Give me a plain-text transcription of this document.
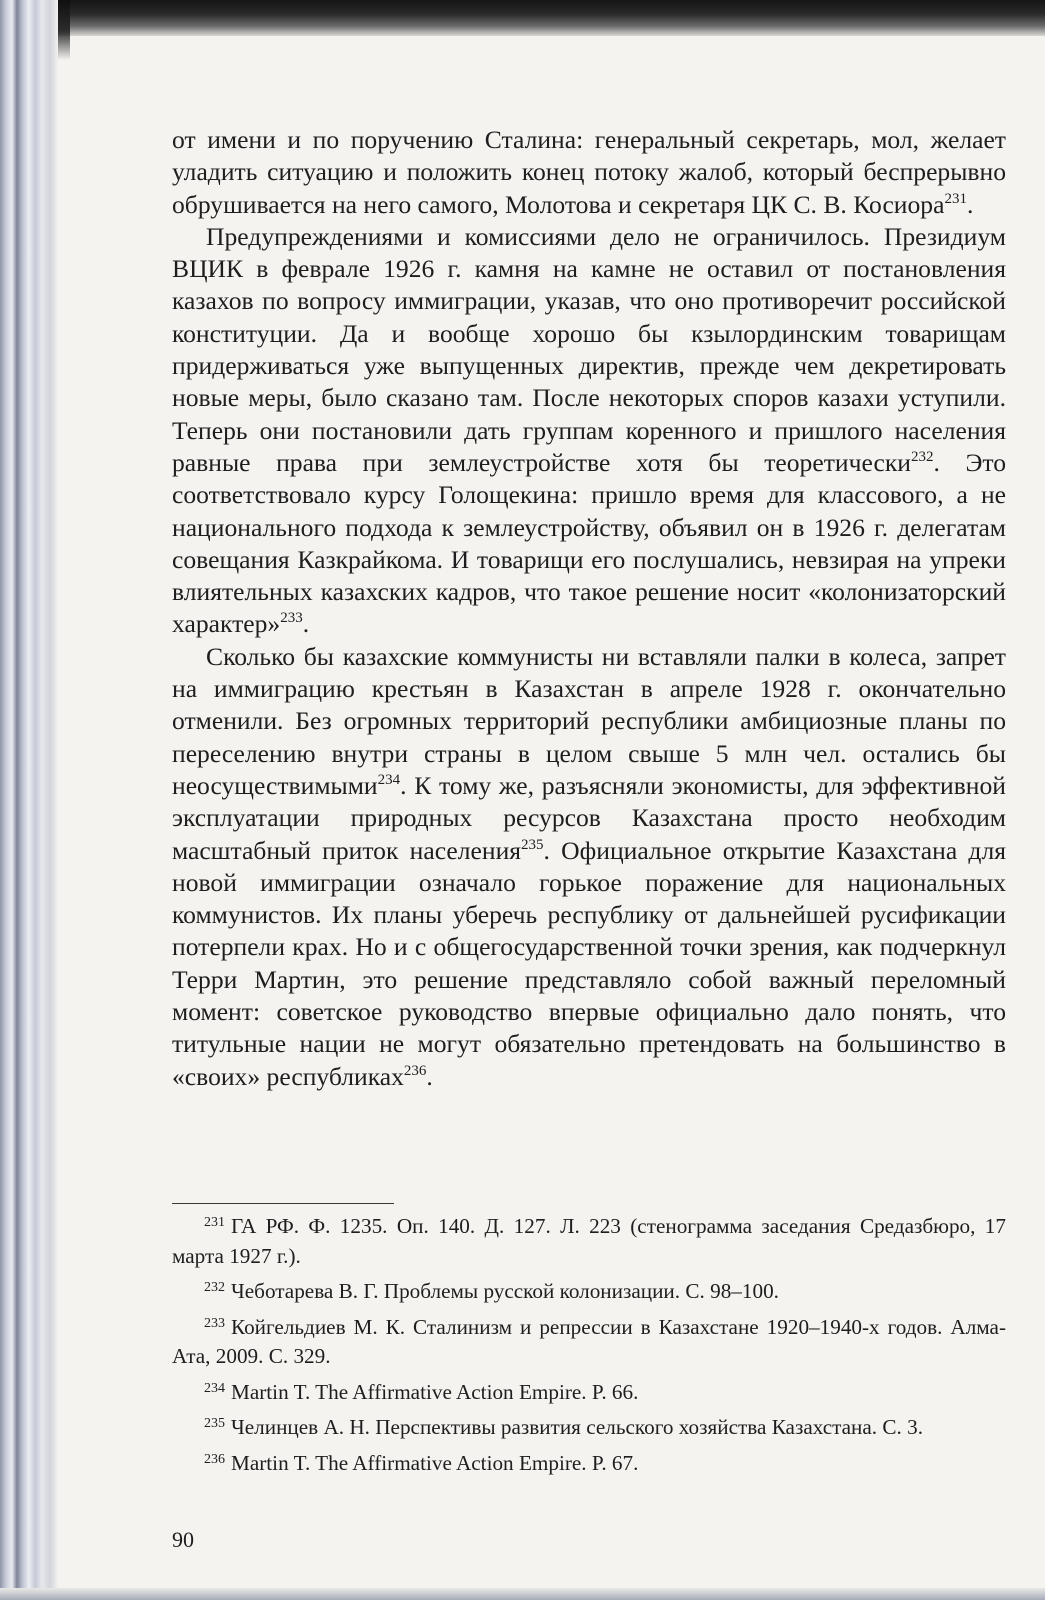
от имени и по поручению Сталина: генеральный секретарь, мол, желает уладить ситуацию и положить конец потоку жалоб, который беспрерывно обрушивается на него самого, Молотова и секретаря ЦК С. В. Косиора$^{231}$.

Предупреждениями и комиссиями дело не ограничилось. Президиум ВЦИК в феврале 1926 г. камня на камне не оставил от постановления казахов по вопросу иммиграции, указав, что оно противоречит российской конституции. Да и вообще хорошо бы кзылординским товарищам придерживаться уже выпущенных директив, прежде чем декретировать новые меры, было сказано там. После некоторых споров казахи уступили. Теперь они постановили дать группам коренного и пришлого населения равные права при землеустройстве хотя бы теоретически$^{232}$. Это соответствовало курсу Голощекина: пришло время для классового, а не национального подхода к землеустройству, объявил он в 1926 г. делегатам совещания Казкрайкома. И товарищи его послушались, невзирая на упреки влиятельных казахских кадров, что такое решение носит «колонизаторский характер»$^{233}$.

Сколько бы казахские коммунисты ни вставляли палки в колеса, запрет на иммиграцию крестьян в Казахстан в апреле 1928 г. окончательно отменили. Без огромных территорий республики амбициозные планы по переселению внутри страны в целом свыше 5 млн чел. остались бы неосуществимыми$^{234}$. К тому же, разъясняли экономисты, для эффективной эксплуатации природных ресурсов Казахстана просто необходим масштабный приток населения$^{235}$. Официальное открытие Казахстана для новой иммиграции означало горькое поражение для национальных коммунистов. Их планы уберечь республику от дальнейшей русификации потерпели крах. Но и с общегосударственной точки зрения, как подчеркнул Терри Мартин, это решение представляло собой важный переломный момент: советское руководство впервые официально дало понять, что титульные нации не могут обязательно претендовать на большинство в «своих» республиках$^{236}$.

$^{231}$ ГА РФ. Ф. 1235. Оп. 140. Д. 127. Л. 223 (стенограмма заседания Средазбюро, 17 марта 1927 г.).

$^{232}$ Чеботарева В. Г. Проблемы русской колонизации. С. 98–100.

$^{233}$ Койгельдиев М. К. Сталинизм и репрессии в Казахстане 1920–1940-х годов. Алма-Ата, 2009. С. 329.

$^{234}$ Martin T. The Affirmative Action Empire. P. 66.

$^{235}$ Челинцев А. Н. Перспективы развития сельского хозяйства Казахстана. С. 3.

$^{236}$ Martin T. The Affirmative Action Empire. P. 67.

90
